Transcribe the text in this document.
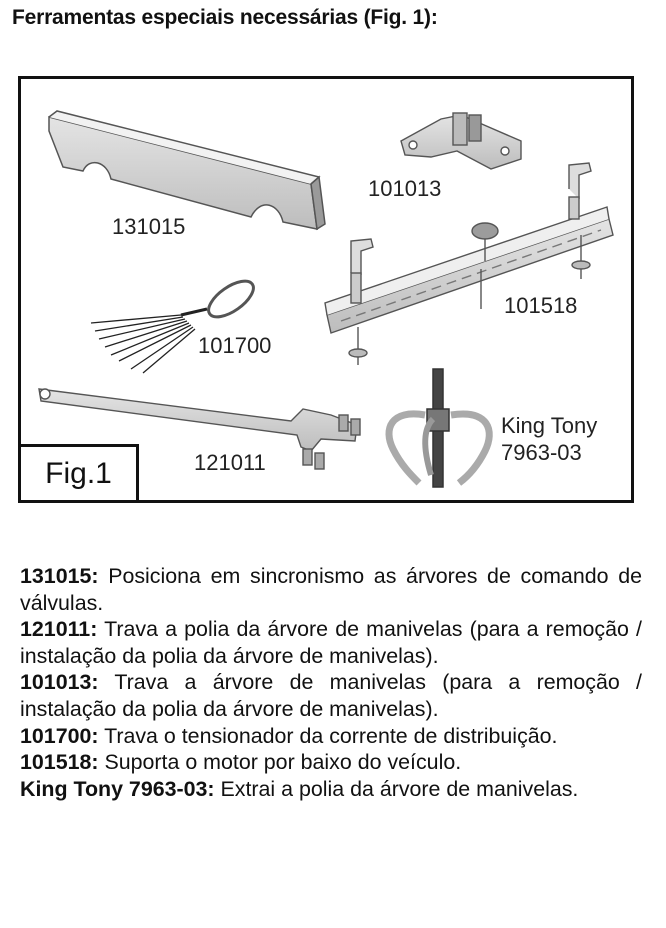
Ferramentas especiais necessárias (Fig. 1):
131015
101013
101518
101700
121011
King Tony
7963-03
Fig.1

131015: Posiciona em sincronismo as árvores de comando de válvulas.

121011: Trava a polia da árvore de manivelas (para a remoção / instalação da polia da árvore de manivelas).

101013: Trava a árvore de manivelas (para a remoção / instalação da polia da árvore de manivelas).

101700: Trava o tensionador da corrente de distribuição.

101518: Suporta o motor por baixo do veículo.

King Tony 7963-03: Extrai a polia da árvore de manivelas.
